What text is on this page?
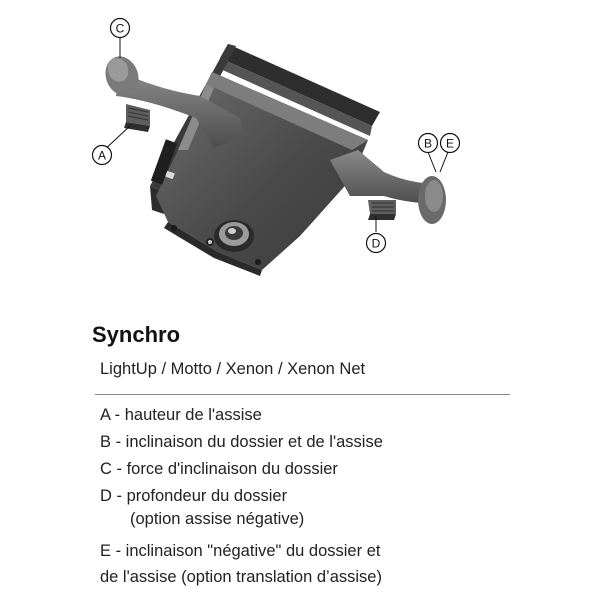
C
A
B E
D
Synchro
LightUp / Motto / Xenon / Xenon Net
A - hauteur de l'assise
B - inclinaison du dossier et de l'assise
C - force d'inclinaison du dossier
D - profondeur du dossier
(option assise négative)
E - inclinaison "négative" du dossier et
de l'assise (option translation d’assise)
